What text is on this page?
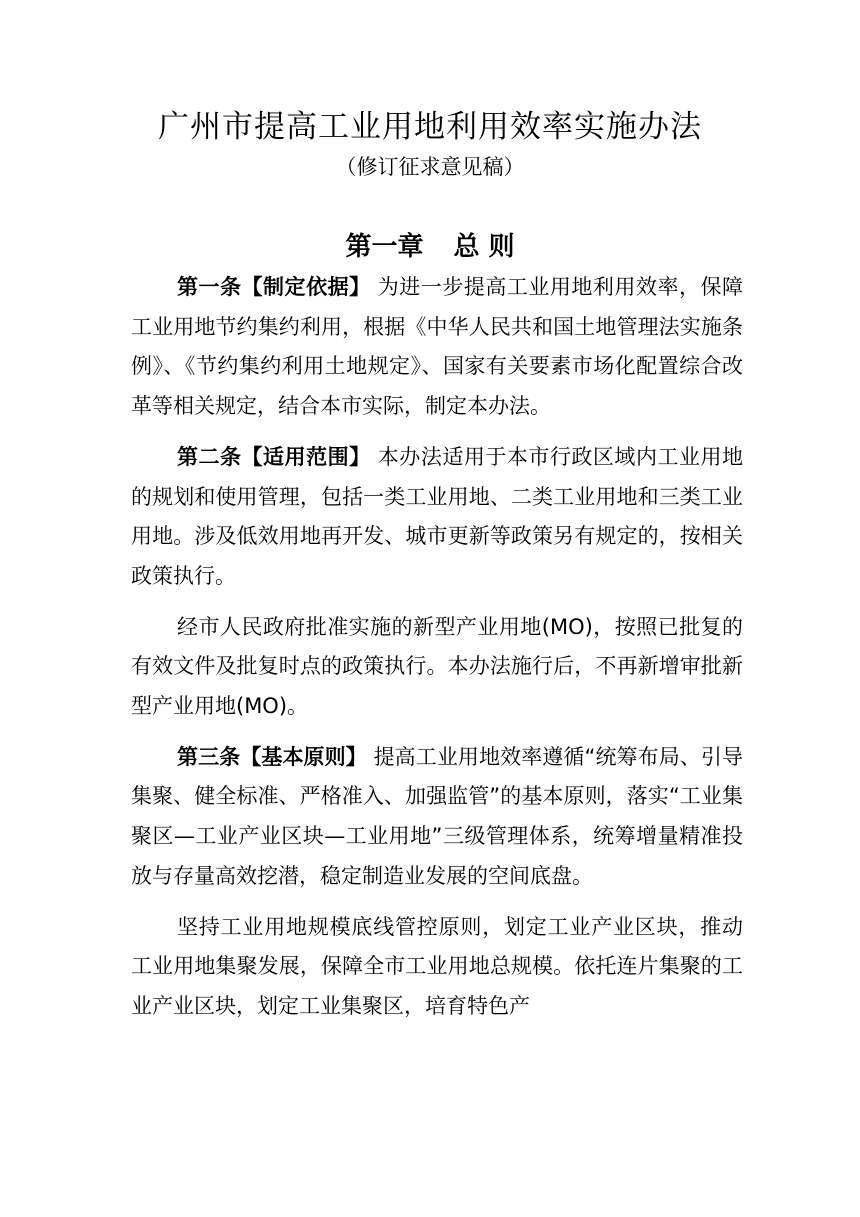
广州市提高工业用地利用效率实施办法
（修订征求意见稿）
第一章 总 则

第一条【制定依据】 为进一步提高工业用地利用效率，保障工业用地节约集约利用，根据《中华人民共和国土地管理法实施条例》、《节约集约利用土地规定》、国家有关要素市场化配置综合改革等相关规定，结合本市实际，制定本办法。

第二条【适用范围】 本办法适用于本市行政区域内工业用地的规划和使用管理，包括一类工业用地、二类工业用地和三类工业用地。涉及低效用地再开发、城市更新等政策另有规定的，按相关政策执行。

经市人民政府批准实施的新型产业用地(MO)，按照已批复的有效文件及批复时点的政策执行。本办法施行后，不再新增审批新型产业用地(MO)。

第三条【基本原则】 提高工业用地效率遵循“统筹布局、引导集聚、健全标准、严格准入、加强监管”的基本原则，落实“工业集聚区—工业产业区块—工业用地”三级管理体系，统筹增量精准投放与存量高效挖潜，稳定制造业发展的空间底盘。

坚持工业用地规模底线管控原则，划定工业产业区块，推动工业用地集聚发展，保障全市工业用地总规模。依托连片集聚的工业产业区块，划定工业集聚区，培育特色产
